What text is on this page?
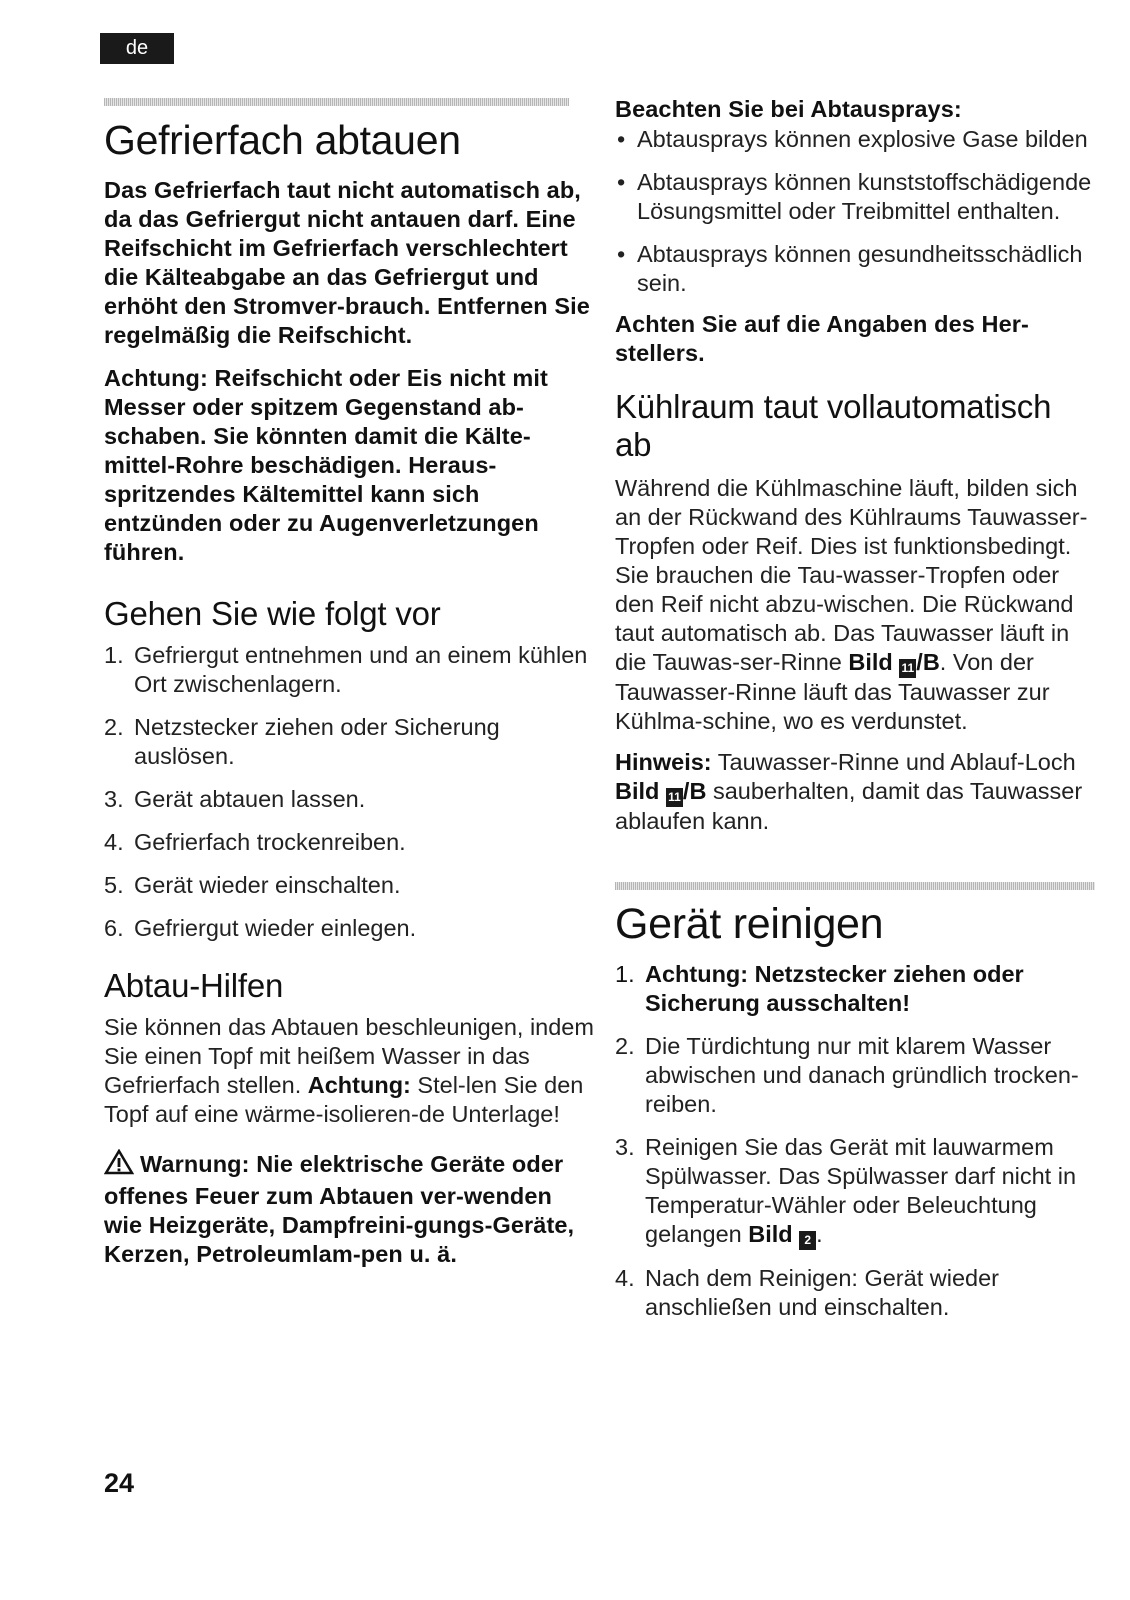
de
Gefrierfach abtauen

Das Gefrierfach taut nicht automatisch ab, da das Gefriergut nicht antauen darf. Eine Reifschicht im Gefrierfach verschlechtert die Kälteabgabe an das Gefriergut und erhöht den Stromver-brauch. Entfernen Sie regelmäßig die Reifschicht.

Achtung: Reifschicht oder Eis nicht mit Messer oder spitzem Gegenstand ab-schaben. Sie könnten damit die Kälte-mittel-Rohre beschädigen. Heraus-spritzendes Kältemittel kann sich entzünden oder zu Augenverletzungen führen.

Gehen Sie wie folgt vor
1. Gefriergut entnehmen und an einem kühlen Ort zwischenlagern.
2. Netzstecker ziehen oder Sicherung auslösen.
3. Gerät abtauen lassen.
4. Gefrierfach trockenreiben.
5. Gerät wieder einschalten.
6. Gefriergut wieder einlegen.
Abtau-Hilfen

Sie können das Abtauen beschleunigen, indem Sie einen Topf mit heißem Wasser in das Gefrierfach stellen. Achtung: Stel-len Sie den Topf auf eine wärme-isolieren-de Unterlage!

Warnung: Nie elektrische Geräte oder offenes Feuer zum Abtauen ver-wenden wie Heizgeräte, Dampfreini-gungs-Geräte, Kerzen, Petroleumlam-pen u. ä.

Beachten Sie bei Abtausprays:

• Abtausprays können explosive Gase bilden
• Abtausprays können kunststoffschädigende Lösungsmittel oder Treibmittel enthalten.
• Abtausprays können gesundheitsschädlich sein.

Achten Sie auf die Angaben des Her-stellers.

Kühlraum taut vollautomatisch ab

Während die Kühlmaschine läuft, bilden sich an der Rückwand des Kühlraums Tauwasser-Tropfen oder Reif. Dies ist funktionsbedingt. Sie brauchen die Tau-wasser-Tropfen oder den Reif nicht abzu-wischen. Die Rückwand taut automatisch ab. Das Tauwasser läuft in die Tauwas-ser-Rinne Bild 11/B. Von der Tauwasser-Rinne läuft das Tauwasser zur Kühlma-schine, wo es verdunstet.

Hinweis: Tauwasser-Rinne und Ablauf-Loch Bild 11/B sauberhalten, damit das Tauwasser ablaufen kann.

Gerät reinigen
1. Achtung: Netzstecker ziehen oder Sicherung ausschalten!
2. Die Türdichtung nur mit klarem Wasser abwischen und danach gründlich trocken- reiben.
3. Reinigen Sie das Gerät mit lauwarmem Spülwasser. Das Spülwasser darf nicht in Temperatur-Wähler oder Beleuchtung gelangen Bild 2 .
4. Nach dem Reinigen: Gerät wieder anschließen und einschalten.
24
